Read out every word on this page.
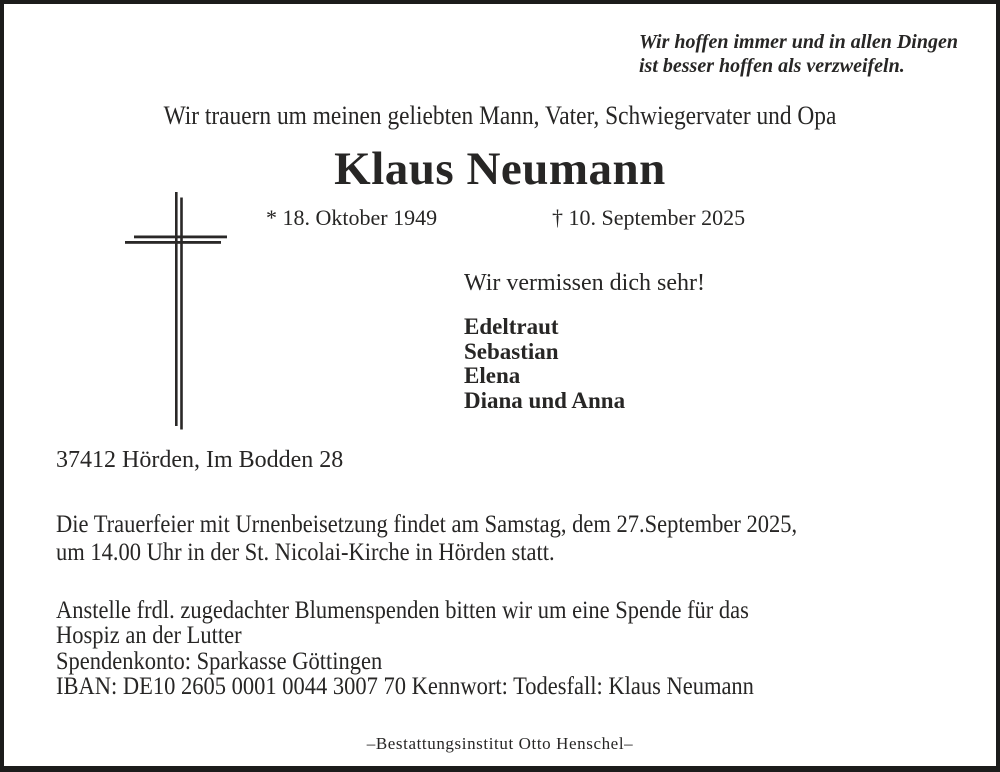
Wir hoffen immer und in allen Dingen
ist besser hoffen als verzweifeln.
Wir trauern um meinen geliebten Mann, Vater, Schwiegervater und Opa
Klaus Neumann
* 18. Oktober 1949	† 10. September 2025
Wir vermissen dich sehr!
Edeltraut
Sebastian
Elena
Diana und Anna
37412 Hörden, Im Bodden 28
Die Trauerfeier mit Urnenbeisetzung findet am Samstag, dem 27.September 2025,
um 14.00 Uhr in der St. Nicolai-Kirche in Hörden statt.
Anstelle frdl. zugedachter Blumenspenden bitten wir um eine Spende für das
Hospiz an der Lutter
Spendenkonto: Sparkasse Göttingen
IBAN: DE10 2605 0001 0044 3007 70 Kennwort: Todesfall: Klaus Neumann
–Bestattungsinstitut Otto Henschel–
